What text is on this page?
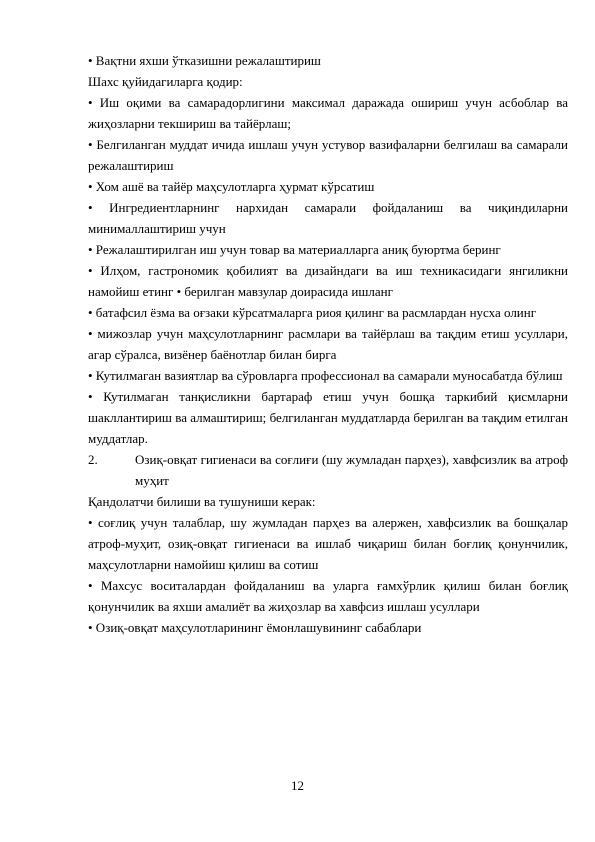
• Вақтни яхши ўтказишни режалаштириш

Шахс қуйидагиларга қодир:

• Иш оқими ва самарадорлигини максимал даражада ошириш учун асбоблар ва жиҳозларни текшириш ва тайёрлаш;

• Белгиланган муддат ичида ишлаш учун устувор вазифаларни белгилаш ва самарали режалаштириш

• Хом ашё ва тайёр маҳсулотларга ҳурмат кўрсатиш

• Ингредиентларнинг нархидан самарали фойдаланиш ва чиқиндиларни минималлаштириш учун

• Режалаштирилган иш учун товар ва материалларга аниқ буюртма беринг

• Илҳом, гастрономик қобилият ва дизайндаги ва иш техникасидаги янгиликни намойиш етинг • берилган мавзулар доирасида ишланг

• батафсил ёзма ва оғзаки кўрсатмаларга риоя қилинг ва расмлардан нусха олинг

• мижозлар учун маҳсулотларнинг расмлари ва тайёрлаш ва тақдим етиш усуллари, агар сўралса, визёнер баёнотлар билан бирга

• Кутилмаган вазиятлар ва сўровларга профессионал ва самарали муносабатда бўлиш

• Кутилмаган танқисликни бартараф етиш учун бошқа таркибий қисмларни шакллантириш ва алмаштириш; белгиланган муддатларда берилган ва тақдим етилган муддатлар.

2.	Озиқ-овқат гигиенаси ва соғлиғи (шу жумладан парҳез), хавфсизлик ва атроф муҳит

Қандолатчи билиши ва тушуниши керак:

• соғлиқ учун талаблар, шу жумладан парҳез ва алержен, хавфсизлик ва бошқалар атроф-муҳит, озиқ-овқат гигиенаси ва ишлаб чиқариш билан боғлиқ қонунчилик, маҳсулотларни намойиш қилиш ва сотиш

• Махсус воситалардан фойдаланиш ва уларга ғамхўрлик қилиш билан боғлиқ қонунчилик ва яхши амалиёт ва жиҳозлар ва хавфсиз ишлаш усуллари

• Озиқ-овқат маҳсулотларининг ёмонлашувининг сабаблари

12
